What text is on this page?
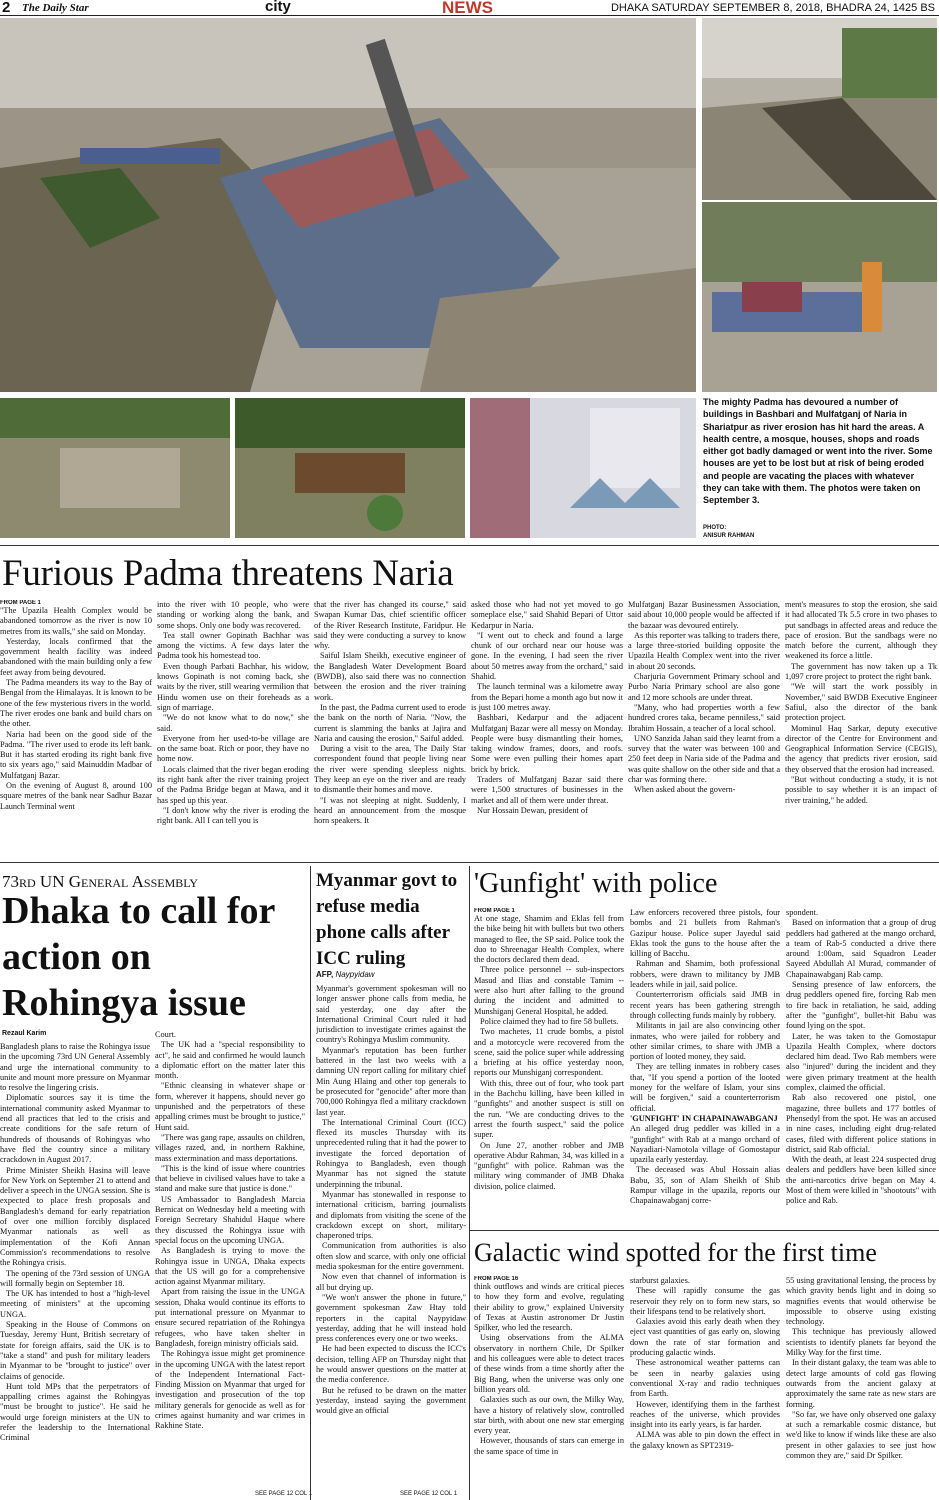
2 The Daily Star	city	NEWS	DHAKA SATURDAY SEPTEMBER 8, 2018, BHADRA 24, 1425 BS
The mighty Padma has devoured a number of buildings in Bashbari and Mulfatganj of Naria in Shariatpur as river erosion has hit hard the areas. A health centre, a mosque, houses, shops and roads either got badly damaged or went into the river. Some houses are yet to be lost but at risk of being eroded and people are vacating the places with whatever they can take with them. The photos were taken on September 3.
PHOTO:
ANISUR RAHMAN
Furious Padma threatens Naria
FROM PAGE 1

"The Upazila Health Complex would be abandoned tomorrow as the river is now 10 metres from its walls," she said on Monday.

Yesterday, locals confirmed that the government health facility was indeed abandoned with the main building only a few feet away from being devoured.

The Padma meanders its way to the Bay of Bengal from the Himalayas. It is known to be one of the few mysterious rivers in the world. The river erodes one bank and build chars on the other.

Naria had been on the good side of the Padma. "The river used to erode its left bank. But it has started eroding its right bank five to six years ago," said Mainuddin Madbar of Mulfatganj Bazar.

On the evening of August 8, around 100 square metres of the bank near Sadhur Bazar Launch Terminal went

into the river with 10 people, who were standing or working along the bank, and some shops. Only one body was recovered.

Tea stall owner Gopinath Bachhar was among the victims. A few days later the Padma took his homestead too.

Even though Parbati Bachhar, his widow, knows Gopinath is not coming back, she waits by the river, still wearing vermilion that Hindu women use on their foreheads as a sign of marriage.

"We do not know what to do now," she said.

Everyone from her used-to-be village are on the same boat. Rich or poor, they have no home now.

Locals claimed that the river began eroding its right bank after the river training project of the Padma Bridge began at Mawa, and it has sped up this year.

"I don't know why the river is eroding the right bank. All I can tell you is

that the river has changed its course," said Swapan Kumar Das, chief scientific officer of the River Research Institute, Faridpur. He said they were conducting a survey to know why.

Saiful Islam Sheikh, executive engineer of the Bangladesh Water Development Board (BWDB), also said there was no connection between the erosion and the river training work.

In the past, the Padma current used to erode the bank on the north of Naria. "Now, the current is slamming the banks at Jajira and Naria and causing the erosion," Saiful added.

During a visit to the area, The Daily Star correspondent found that people living near the river were spending sleepless nights. They keep an eye on the river and are ready to dismantle their homes and move.

"I was not sleeping at night. Suddenly, I heard an announcement from the mosque horn speakers. It

asked those who had not yet moved to go someplace else," said Shahid Bepari of Uttor Kedarpur in Naria.

"I went out to check and found a large chunk of our orchard near our house was gone. In the evening, I had seen the river about 50 metres away from the orchard," said Shahid.

The launch terminal was a kilometre away from the Bepari home a month ago but now it is just 100 metres away.

Bashbari, Kedarpur and the adjacent Mulfatganj Bazar were all messy on Monday. People were busy dismantling their homes, taking window frames, doors, and roofs. Some were even pulling their homes apart brick by brick.

Traders of Mulfatganj Bazar said there were 1,500 structures of businesses in the market and all of them were under threat.

Nur Hossain Dewan, president of

Mulfatganj Bazar Businessmen Association, said about 10,000 people would be affected if the bazaar was devoured entirely.

As this reporter was talking to traders there, a large three-storied building opposite the Upazila Health Complex went into the river in about 20 seconds.

Charjuria Government Primary school and Purbo Naria Primary school are also gone and 12 more schools are under threat.

"Many, who had properties worth a few hundred crores taka, became penniless," said Ibrahim Hossain, a teacher of a local school.

UNO Sanzida Jahan said they learnt from a survey that the water was between 100 and 250 feet deep in Naria side of the Padma and was quite shallow on the other side and that a char was forming there.

When asked about the govern-

ment's measures to stop the erosion, she said it had allocated Tk 5.5 crore in two phases to put sandbags in affected areas and reduce the pace of erosion. But the sandbags were no match before the current, although they weakened its force a little.

The government has now taken up a Tk 1,097 crore project to protect the right bank.

"We will start the work possibly in November," said BWDB Executive Engineer Safiul, also the director of the bank protection project.

Mominul Haq Sarkar, deputy executive director of the Centre for Environment and Geographical Information Service (CEGIS), the agency that predicts river erosion, said they observed that the erosion had increased.

"But without conducting a study, it is not possible to say whether it is an impact of river training," he added.

73rd UN General Assembly
Dhaka to call for action on Rohingya issue
Rezaul Karim

Bangladesh plans to raise the Rohingya issue in the upcoming 73rd UN General Assembly and urge the international community to unite and mount more pressure on Myanmar to resolve the lingering crisis.

Diplomatic sources say it is time the international community asked Myanmar to end all practices that led to the crisis and create conditions for the safe return of hundreds of thousands of Rohingyas who have fled the country since a military crackdown in August 2017.

Prime Minister Sheikh Hasina will leave for New York on September 21 to attend and deliver a speech in the UNGA session. She is expected to place fresh proposals and Bangladesh's demand for early repatriation of over one million forcibly displaced Myanmar nationals as well as implementation of the Kofi Annan Commission's recommendations to resolve the Rohingya crisis.

The opening of the 73rd session of UNGA will formally begin on September 18.

The UK has intended to host a "high-level meeting of ministers" at the upcoming UNGA.

Speaking in the House of Commons on Tuesday, Jeremy Hunt, British secretary of state for foreign affairs, said the UK is to "take a stand" and push for military leaders in Myanmar to be "brought to justice" over claims of genocide.

Hunt told MPs that the perpetrators of appalling crimes against the Rohingyas "must be brought to justice". He said he would urge foreign ministers at the UN to refer the leadership to the International Criminal

Court.

The UK had a "special responsibility to act", he said and confirmed he would launch a diplomatic effort on the matter later this month.

"Ethnic cleansing in whatever shape or form, wherever it happens, should never go unpunished and the perpetrators of these appalling crimes must be brought to justice," Hunt said.

"There was gang rape, assaults on children, villages razed, and, in northern Rakhine, mass extermination and mass deportations.

"This is the kind of issue where countries that believe in civilised values have to take a stand and make sure that justice is done."

US Ambassador to Bangladesh Marcia Bernicat on Wednesday held a meeting with Foreign Secretary Shahidul Haque where they discussed the Rohingya issue with special focus on the upcoming UNGA.

As Bangladesh is trying to move the Rohingya issue in UNGA, Dhaka expects that the US will go for a comprehensive action against Myanmar military.

Apart from raising the issue in the UNGA session, Dhaka would continue its efforts to put international pressure on Myanmar to ensure secured repatriation of the Rohingya refugees, who have taken shelter in Bangladesh, foreign ministry officials said.

The Rohingya issue might get prominence in the upcoming UNGA with the latest report of the Independent International Fact-Finding Mission on Myanmar that urged for investigation and prosecution of the top military generals for genocide as well as for crimes against humanity and war crimes in Rakhine State.

SEE PAGE 12 COL 1
Myanmar govt to refuse media phone calls after ICC ruling
AFP, Naypyidaw

Myanmar's government spokesman will no longer answer phone calls from media, he said yesterday, one day after the International Criminal Court ruled it had jurisdiction to investigate crimes against the country's Rohingya Muslim community.

Myanmar's reputation has been further battered in the last two weeks with a damning UN report calling for military chief Min Aung Hlaing and other top generals to be prosecuted for "genocide" after more than 700,000 Rohingya fled a military crackdown last year.

The International Criminal Court (ICC) flexed its muscles Thursday with its unprecedented ruling that it had the power to investigate the forced deportation of Rohingya to Bangladesh, even though Myanmar has not signed the statute underpinning the tribunal.

Myanmar has stonewalled in response to international criticism, barring journalists and diplomats from visiting the scene of the crackdown except on short, military-chaperoned trips.

Communication from authorities is also often slow and scarce, with only one official media spokesman for the entire government.

Now even that channel of information is all but drying up.

"We won't answer the phone in future," government spokesman Zaw Htay told reporters in the capital Naypyidaw yesterday, adding that he will instead hold press conferences every one or two weeks.

He had been expected to discuss the ICC's decision, telling AFP on Thursday night that he would answer questions on the matter at the media conference.

But he refused to be drawn on the matter yesterday, instead saying the government would give an official

SEE PAGE 12 COL 1
'Gunfight' with police
FROM PAGE 1

At one stage, Shamim and Eklas fell from the bike being hit with bullets but two others managed to flee, the SP said. Police took the duo to Shreenagar Health Complex, where the doctors declared them dead.

Three police personnel -- sub-inspectors Masud and Ilias and constable Tamim -- were also hurt after falling to the ground during the incident and admitted to Munshiganj General Hospital, he added.

Police claimed they had to fire 58 bullets.

Two machetes, 11 crude bombs, a pistol and a motorcycle were recovered from the scene, said the police super while addressing a briefing at his office yesterday noon, reports our Munshiganj correspondent.

With this, three out of four, who took part in the Bachchu killing, have been killed in "gunfights" and another suspect is still on the run. "We are conducting drives to the arrest the fourth suspect," said the police super.

On June 27, another robber and JMB operative Abdur Rahman, 34, was killed in a "gunfight" with police. Rahman was the military wing commander of JMB Dhaka division, police claimed.

Law enforcers recovered three pistols, four bombs and 21 bullets from Rahman's Gazipur house. Police super Jayedul said Eklas took the guns to the house after the killing of Bacchu.

Rahman and Shamim, both professional robbers, were drawn to militancy by JMB leaders while in jail, said police.

Counterterrorism officials said JMB in recent years has been gathering strength through collecting funds mainly by robbery.

Militants in jail are also convincing other inmates, who were jailed for robbery and other similar crimes, to share with JMB a portion of looted money, they said.

They are telling inmates in robbery cases that, "If you spend a portion of the looted money for the welfare of Islam, your sins will be forgiven," said a counterterrorism official.

'GUNFIGHT' IN CHAPAINAWABGANJ

An alleged drug peddler was killed in a "gunfight" with Rab at a mango orchard of Nayadiari-Namotola village of Gomostapur upazila early yesterday.

The deceased was Abul Hossain alias Babu, 35, son of Alam Sheikh of Shib Rampur village in the upazila, reports our Chapainawabganj corre-

spondent.

Based on information that a group of drug peddlers had gathered at the mango orchard, a team of Rab-5 conducted a drive there around 1:00am, said Squadron Leader Sayeed Abdullah Al Murad, commander of Chapainawabganj Rab camp.

Sensing presence of law enforcers, the drug peddlers opened fire, forcing Rab men to fire back in retaliation, he said, adding after the "gunfight", bullet-hit Babu was found lying on the spot.

Later, he was taken to the Gomostapur Upazila Health Complex, where doctors declared him dead. Two Rab members were also "injured" during the incident and they were given primary treatment at the health complex, claimed the official.

Rab also recovered one pistol, one magazine, three bullets and 177 bottles of Phensedyl from the spot. He was an accused in nine cases, including eight drug-related cases, filed with different police stations in district, said Rab official.

With the death, at least 224 suspected drug dealers and peddlers have been killed since the anti-narcotics drive began on May 4. Most of them were killed in "shootouts" with police and Rab.

Galactic wind spotted for the first time
FROM PAGE 16

think outflows and winds are critical pieces to how they form and evolve, regulating their ability to grow," explained University of Texas at Austin astronomer Dr Justin Spilker, who led the research.

Using observations from the ALMA observatory in northern Chile, Dr Spilker and his colleagues were able to detect traces of these winds from a time shortly after the Big Bang, when the universe was only one billion years old.

Galaxies such as our own, the Milky Way, have a history of relatively slow, controlled star birth, with about one new star emerging every year.

However, thousands of stars can emerge in the same space of time in

starburst galaxies.

These will rapidly consume the gas reservoir they rely on to form new stars, so their lifespans tend to be relatively short.

Galaxies avoid this early death when they eject vast quantities of gas early on, slowing down the rate of star formation and producing galactic winds.

These astronomical weather patterns can be seen in nearby galaxies using conventional X-ray and radio techniques from Earth.

However, identifying them in the farthest reaches of the universe, which provides insight into its early years, is far harder.

ALMA was able to pin down the effect in the galaxy known as SPT2319-

55 using gravitational lensing, the process by which gravity bends light and in doing so magnifies events that would otherwise be impossible to observe using existing technology.

This technique has previously allowed scientists to identify planets far beyond the Milky Way for the first time.

In their distant galaxy, the team was able to detect large amounts of cold gas flowing outwards from the ancient galaxy at approximately the same rate as new stars are forming.

"So far, we have only observed one galaxy at such a remarkable cosmic distance, but we'd like to know if winds like these are also present in other galaxies to see just how common they are," said Dr Spilker.
